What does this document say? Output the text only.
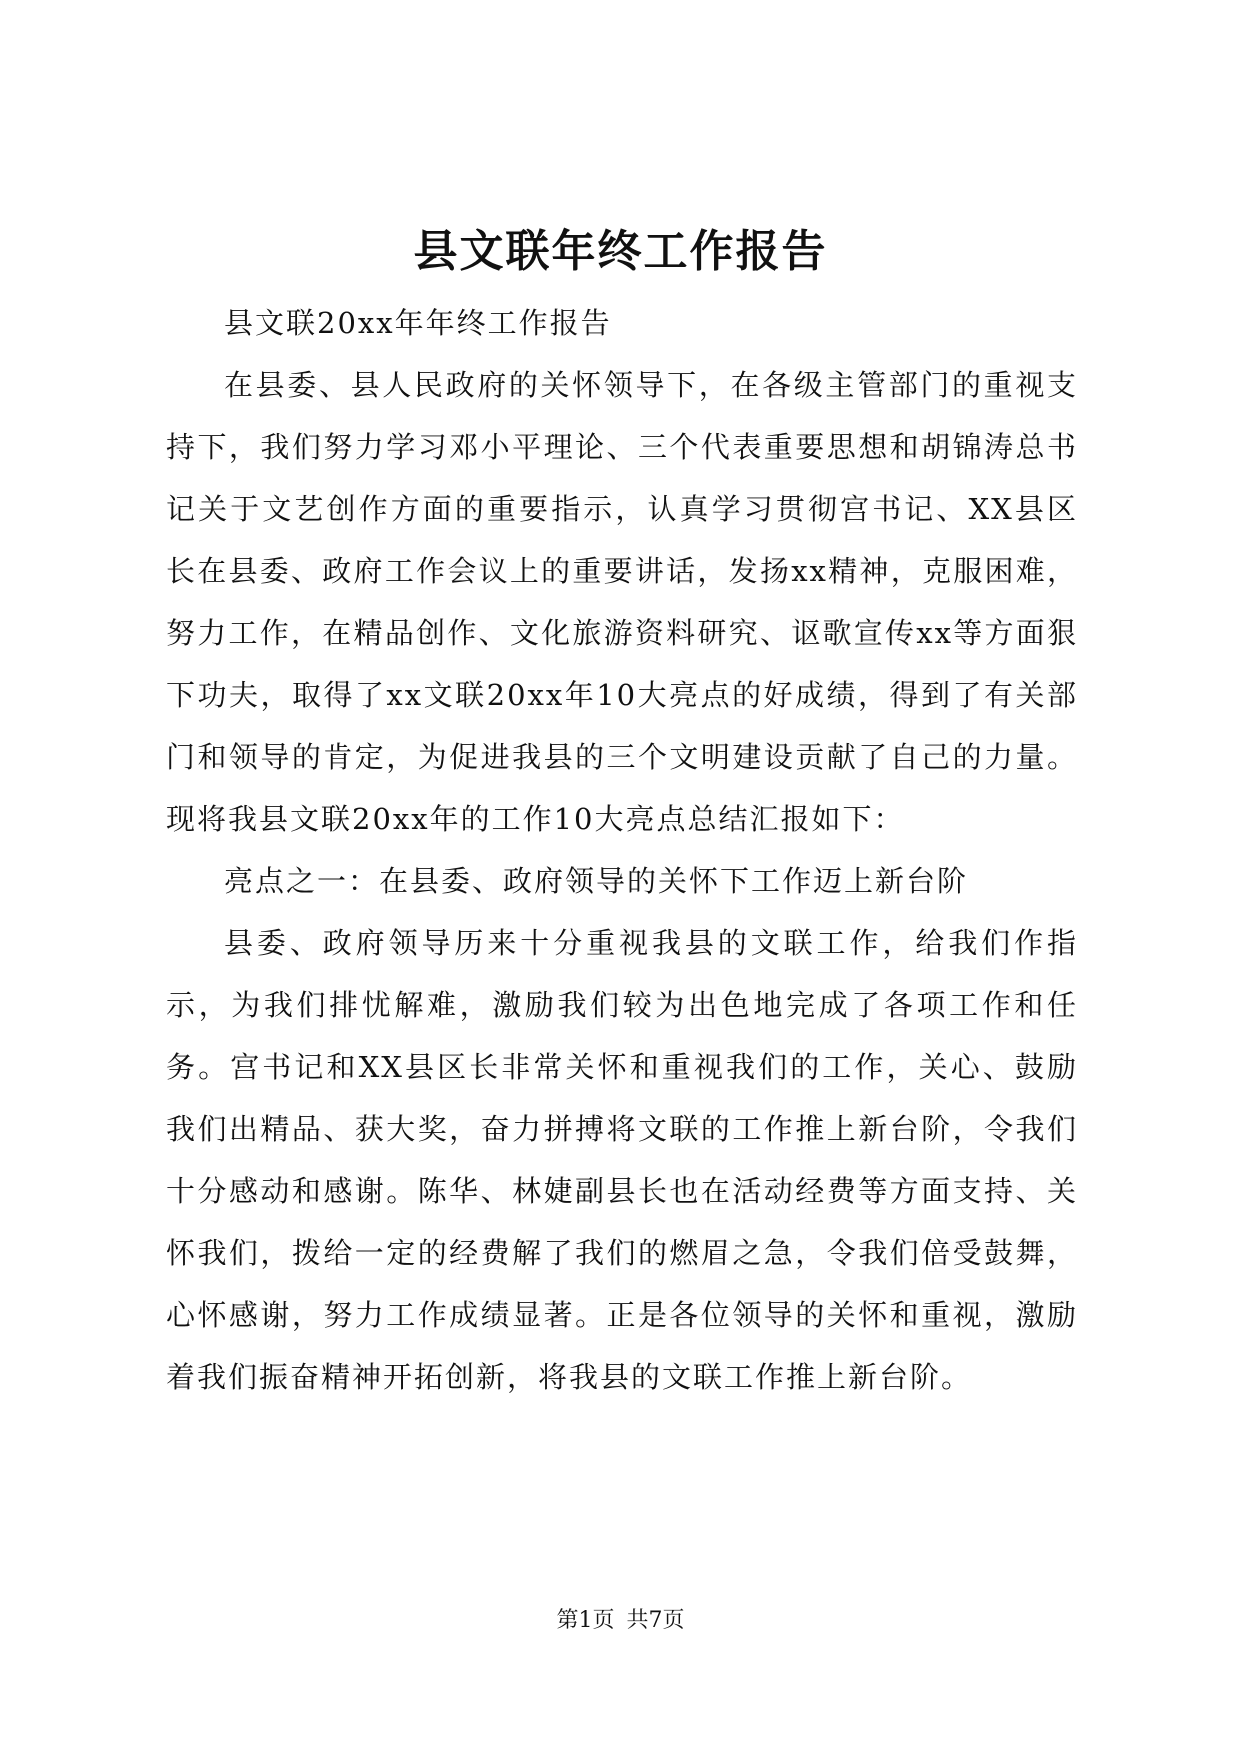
县文联年终工作报告

县文联20xx年年终工作报告

在县委、县人民政府的关怀领导下，在各级主管部门的重视支持下，我们努力学习邓小平理论、三个代表重要思想和胡锦涛总书记关于文艺创作方面的重要指示，认真学习贯彻宫书记、XX县区长在县委、政府工作会议上的重要讲话，发扬xx精神，克服困难，努力工作，在精品创作、文化旅游资料研究、讴歌宣传xx等方面狠下功夫，取得了xx文联20xx年10大亮点的好成绩，得到了有关部门和领导的肯定，为促进我县的三个文明建设贡献了自己的力量。现将我县文联20xx年的工作10大亮点总结汇报如下：

亮点之一：在县委、政府领导的关怀下工作迈上新台阶

县委、政府领导历来十分重视我县的文联工作，给我们作指示，为我们排忧解难，激励我们较为出色地完成了各项工作和任务。宫书记和XX县区长非常关怀和重视我们的工作，关心、鼓励我们出精品、获大奖，奋力拼搏将文联的工作推上新台阶，令我们十分感动和感谢。陈华、林婕副县长也在活动经费等方面支持、关怀我们，拨给一定的经费解了我们的燃眉之急，令我们倍受鼓舞，心怀感谢，努力工作成绩显著。正是各位领导的关怀和重视，激励着我们振奋精神开拓创新，将我县的文联工作推上新台阶。

第1页 共7页
